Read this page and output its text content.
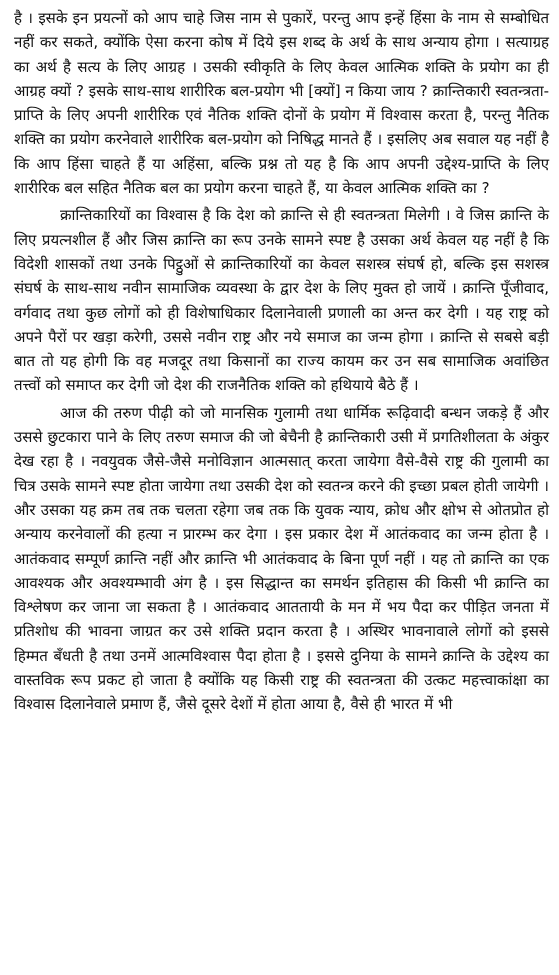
है । इसके इन प्रयत्नों को आप चाहे जिस नाम से पुकारें, परन्तु आप इन्हें हिंसा के नाम से सम्बोधित नहीं कर सकते, क्योंकि ऐसा करना कोष में दिये इस शब्द के अर्थ के साथ अन्याय होगा । सत्याग्रह का अर्थ है सत्य के लिए आग्रह । उसकी स्वीकृति के लिए केवल आत्मिक शक्ति के प्रयोग का ही आग्रह क्यों ? इसके साथ-साथ शारीरिक बल-प्रयोग भी [क्यों] न किया जाय ? क्रान्तिकारी स्वतन्त्रता-प्राप्ति के लिए अपनी शारीरिक एवं नैतिक शक्ति दोनों के प्रयोग में विश्वास करता है, परन्तु नैतिक शक्ति का प्रयोग करनेवाले शारीरिक बल-प्रयोग को निषिद्ध मानते हैं । इसलिए अब सवाल यह नहीं है कि आप हिंसा चाहते हैं या अहिंसा, बल्कि प्रश्न तो यह है कि आप अपनी उद्देश्य-प्राप्ति के लिए शारीरिक बल सहित नैतिक बल का प्रयोग करना चाहते हैं, या केवल आत्मिक शक्ति का ?

क्रान्तिकारियों का विश्वास है कि देश को क्रान्ति से ही स्वतन्त्रता मिलेगी । वे जिस क्रान्ति के लिए प्रयत्नशील हैं और जिस क्रान्ति का रूप उनके सामने स्पष्ट है उसका अर्थ केवल यह नहीं है कि विदेशी शासकों तथा उनके पिट्ठुओं से क्रान्तिकारियों का केवल सशस्त्र संघर्ष हो, बल्कि इस सशस्त्र संघर्ष के साथ-साथ नवीन सामाजिक व्यवस्था के द्वार देश के लिए मुक्त हो जायें । क्रान्ति पूँजीवाद, वर्गवाद तथा कुछ लोगों को ही विशेषाधिकार दिलानेवाली प्रणाली का अन्त कर देगी । यह राष्ट्र को अपने पैरों पर खड़ा करेगी, उससे नवीन राष्ट्र और नये समाज का जन्म होगा । क्रान्ति से सबसे बड़ी बात तो यह होगी कि वह मजदूर तथा किसानों का राज्य कायम कर उन सब सामाजिक अवांछित तत्त्वों को समाप्त कर देगी जो देश की राजनैतिक शक्ति को हथियाये बैठे हैं ।

आज की तरुण पीढ़ी को जो मानसिक गुलामी तथा धार्मिक रूढ़िवादी बन्धन जकड़े हैं और उससे छुटकारा पाने के लिए तरुण समाज की जो बेचैनी है क्रान्तिकारी उसी में प्रगतिशीलता के अंकुर देख रहा है । नवयुवक जैसे-जैसे मनोविज्ञान आत्मसात् करता जायेगा वैसे-वैसे राष्ट्र की गुलामी का चित्र उसके सामने स्पष्ट होता जायेगा तथा उसकी देश को स्वतन्त्र करने की इच्छा प्रबल होती जायेगी । और उसका यह क्रम तब तक चलता रहेगा जब तक कि युवक न्याय, क्रोध और क्षोभ से ओतप्रोत हो अन्याय करनेवालों की हत्या न प्रारम्भ कर देगा । इस प्रकार देश में आतंकवाद का जन्म होता है । आतंकवाद सम्पूर्ण क्रान्ति नहीं और क्रान्ति भी आतंकवाद के बिना पूर्ण नहीं । यह तो क्रान्ति का एक आवश्यक और अवश्यम्भावी अंग है । इस सिद्धान्त का समर्थन इतिहास की किसी भी क्रान्ति का विश्लेषण कर जाना जा सकता है । आतंकवाद आततायी के मन में भय पैदा कर पीड़ित जनता में प्रतिशोध की भावना जाग्रत कर उसे शक्ति प्रदान करता है । अस्थिर भावनावाले लोगों को इससे हिम्मत बँधती है तथा उनमें आत्मविश्वास पैदा होता है । इससे दुनिया के सामने क्रान्ति के उद्देश्य का वास्तविक रूप प्रकट हो जाता है क्योंकि यह किसी राष्ट्र की स्वतन्त्रता की उत्कट महत्त्वाकांक्षा का विश्वास दिलानेवाले प्रमाण हैं, जैसे दूसरे देशों में होता आया है, वैसे ही भारत में भी
